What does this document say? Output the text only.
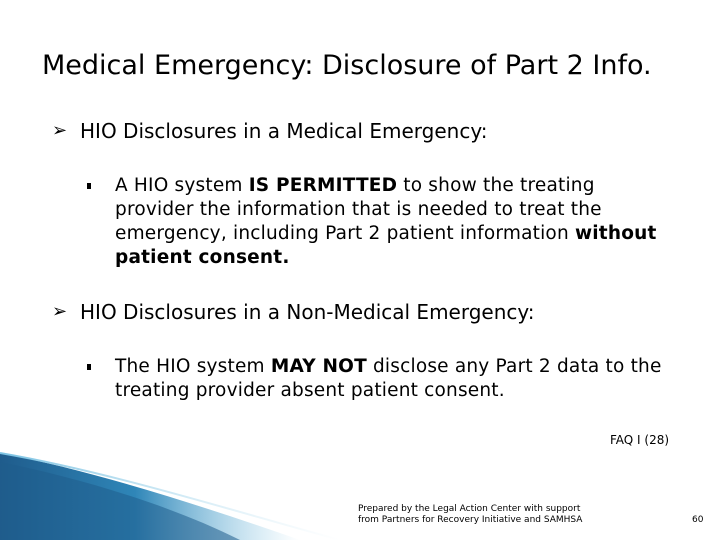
Medical Emergency: Disclosure of Part 2 Info.
➢ HIO Disclosures in a Medical Emergency:
A HIO system IS PERMITTED to show the treating provider the information that is needed to treat the emergency, including Part 2 patient information without patient consent.
➢ HIO Disclosures in a Non-Medical Emergency:
The HIO system MAY NOT disclose any Part 2 data to the treating provider absent patient consent.
FAQ I (28)
Prepared by the Legal Action Center with support
from Partners for Recovery Initiative and SAMHSA	60
